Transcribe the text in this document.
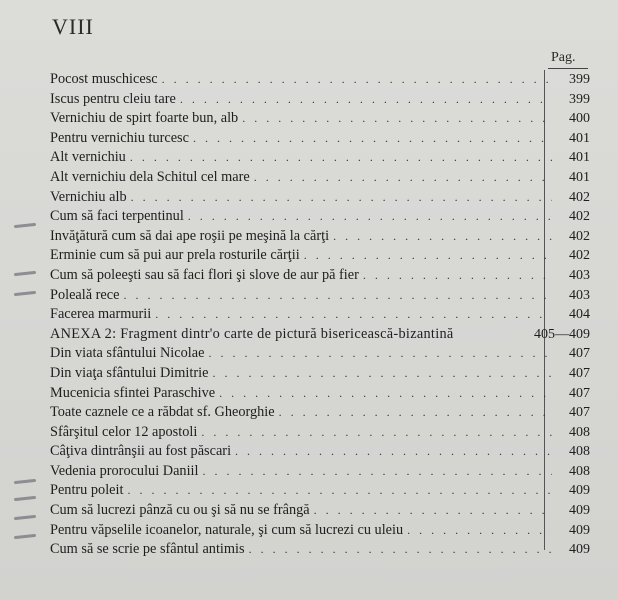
VIII
Pag.
Pocost muschicesc . . .	399
Iscus pentru cleiu tare . . .	399
Vernichiu de spirt foarte bun, alb . . .	400
Pentru vernichiu turcesc . . .	401
Alt vernichiu . . .	401
Alt vernichiu dela Schitul cel mare . . .	401
Vernichiu alb . . .	402
Cum să faci terpentinul . . .	402
Invăţătură cum să dai ape roşii pe meşină la cărţi . . .	402
Erminie cum să pui aur prela rosturile cărţii . . .	402
Cum să poleeşti sau să faci flori şi slove de aur pă fier . . .	403
Polealǎ rece . . .	403
Facerea marmurii . . .	404
ANEXA 2: Fragment dintr'o carte de pictură bisericească-bizantină	405—409
Din viata sfântului Nicolae . . .	407
Din viaţa sfântului Dimitrie . . .	407
Mucenicia sfintei Paraschive . . .	407
Toate caznele ce a răbdat sf. Gheorghie . . .	407
Sfârşitul celor 12 apostoli . . .	408
Câţiva dintrânşii au fost păscari . . .	408
Vedenia prorocului Daniil . . .	408
Pentru poleit . . .	409
Cum să lucrezi pânză cu ou şi să nu se frângă . . .	409
Pentru văpselile icoanelor, naturale, şi cum să lucrezi cu uleiu . . .	409
Cum să se scrie pe sfântul antimis . . .	409
